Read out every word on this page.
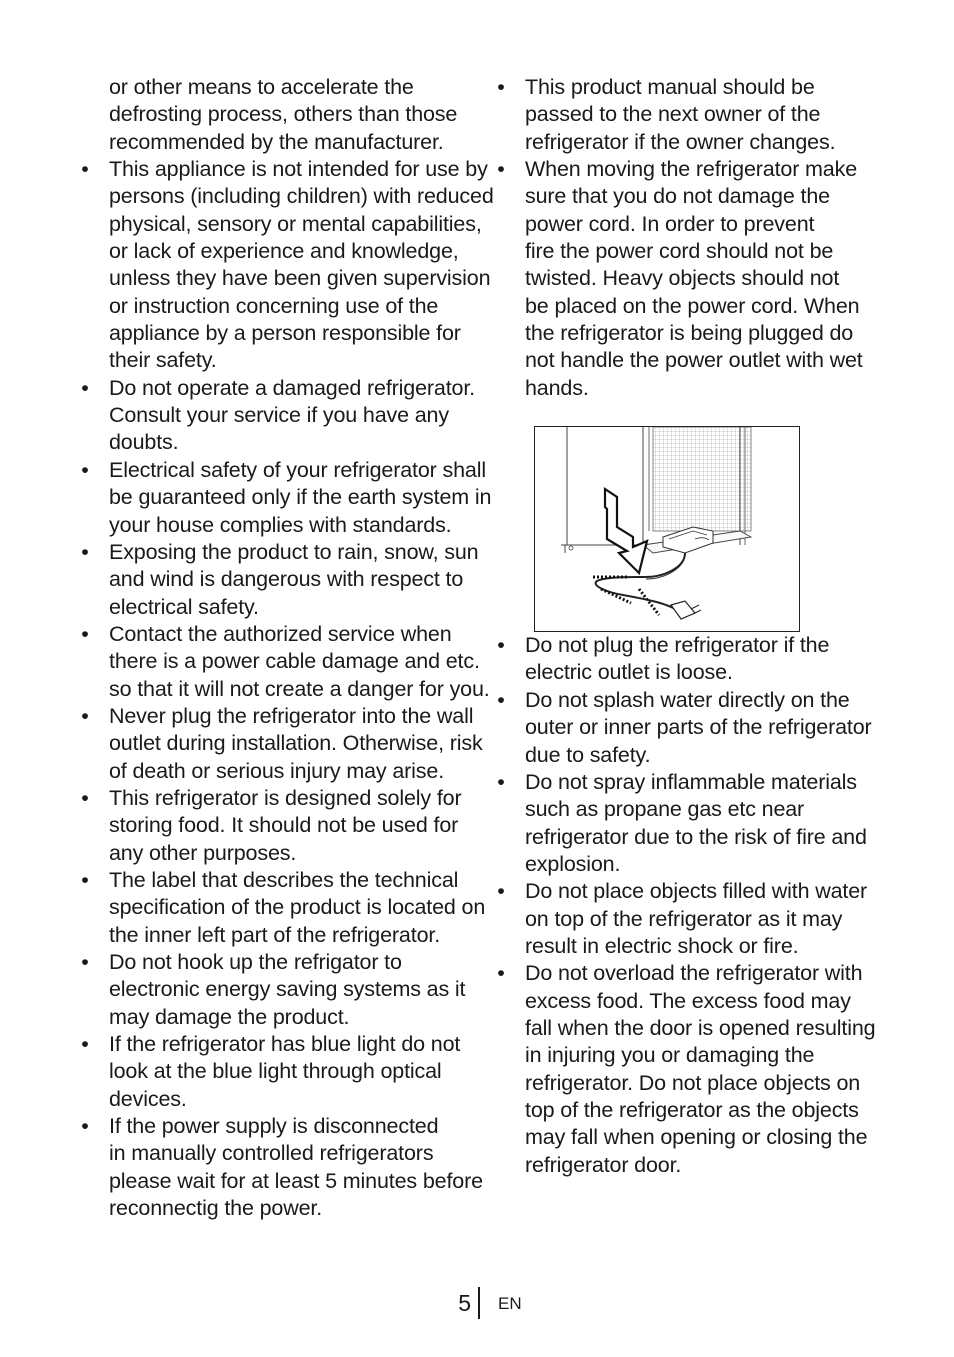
or other means to accelerate the
defrosting process, others than those
recommended by the manufacturer.
• This appliance is not intended for use by
persons (including children) with reduced
physical, sensory or mental capabilities,
or lack of experience and knowledge,
unless they have been given supervision
or instruction concerning use of the
appliance by a person responsible for
their safety.
• Do not operate a damaged refrigerator.
Consult your service if you have any
doubts.
• Electrical safety of your refrigerator shall
be guaranteed only if the earth system in
your house complies with standards.
• Exposing the product to rain, snow, sun
and wind is dangerous with respect to
electrical safety.
• Contact the authorized service when
there is a power cable damage and etc.
so that it will not create a danger for you.
• Never plug the refrigerator into the wall
outlet during installation. Otherwise, risk
of death or serious injury may arise.
• This refrigerator is designed solely for
storing food. It should not be used for
any other purposes.
• The label that describes the technical
specification of the product is located on
the inner left part of the refrigerator.
• Do not hook up the refrigator to
electronic energy saving systems as it
may damage the product.
• If the refrigerator has blue light do not
look at the blue light through optical
devices.
• If the power supply is disconnected
in manually controlled refrigerators
please wait for at least 5 minutes before
reconnectig the power.
• This product manual should be
passed to the next owner of the
refrigerator if the owner changes.
• When moving the refrigerator make
sure that you do not damage the
power cord. In order to prevent
fire the power cord should not be
twisted. Heavy objects should not
be placed on the power cord. When
the refrigerator is being plugged do
not handle the power outlet with wet
hands.
• Do not plug the refrigerator if the
electric outlet is loose.
• Do not splash water directly on the
outer or inner parts of the refrigerator
due to safety.
• Do not spray inflammable materials
such as propane gas etc near
refrigerator due to the risk of fire and
explosion.
• Do not place objects filled with water
on top of the refrigerator as it may
result in electric shock or fire.
• Do not overload the refrigerator with
excess food. The excess food may
fall when the door is opened resulting
in injuring you or damaging the
refrigerator. Do not place objects on
top of the refrigerator as the objects
may fall when opening or closing the
refrigerator door.
5 EN
